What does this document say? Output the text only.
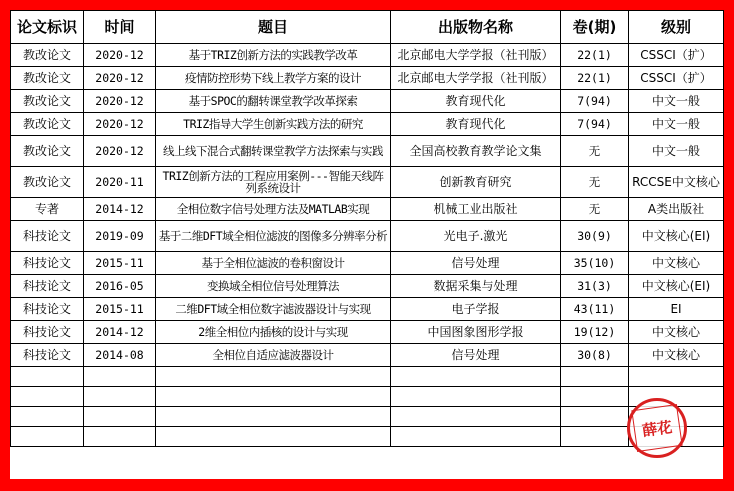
论文标识	时间	题目	出版物名称	卷(期)	级别
教改论文	2020-12	基于TRIZ创新方法的实践教学改革	北京邮电大学学报（社刊版）	22(1)	CSSCI（扩）
教改论文	2020-12	疫情防控形势下线上教学方案的设计	北京邮电大学学报（社刊版）	22(1)	CSSCI（扩）
教改论文	2020-12	基于SPOC的翻转课堂教学改革探索	教育现代化	7(94)	中文一般
教改论文	2020-12	TRIZ指导大学生创新实践方法的研究	教育现代化	7(94)	中文一般
教改论文	2020-12	线上线下混合式翻转课堂教学方法探索与实践	全国高校教育教学论文集	无	中文一般
教改论文	2020-11	TRIZ创新方法的工程应用案例---智能天线阵列系统设计	创新教育研究	无	RCCSE中文核心
专著	2014-12	全相位数字信号处理方法及MATLAB实现	机械工业出版社	无	A类出版社
科技论文	2019-09	基于二维DFT域全相位滤波的图像多分辨率分析	光电子.激光	30(9)	中文核心(EI)
科技论文	2015-11	基于全相位滤波的卷积窗设计	信号处理	35(10)	中文核心
科技论文	2016-05	变换域全相位信号处理算法	数据采集与处理	31(3)	中文核心(EI)
科技论文	2015-11	二维DFT域全相位数字滤波器设计与实现	电子学报	43(11)	EI
科技论文	2014-12	2维全相位内插核的设计与实现	中国图象图形学报	19(12)	中文核心
科技论文	2014-08	全相位自适应滤波器设计	信号处理	30(8)	中文核心

薛花
